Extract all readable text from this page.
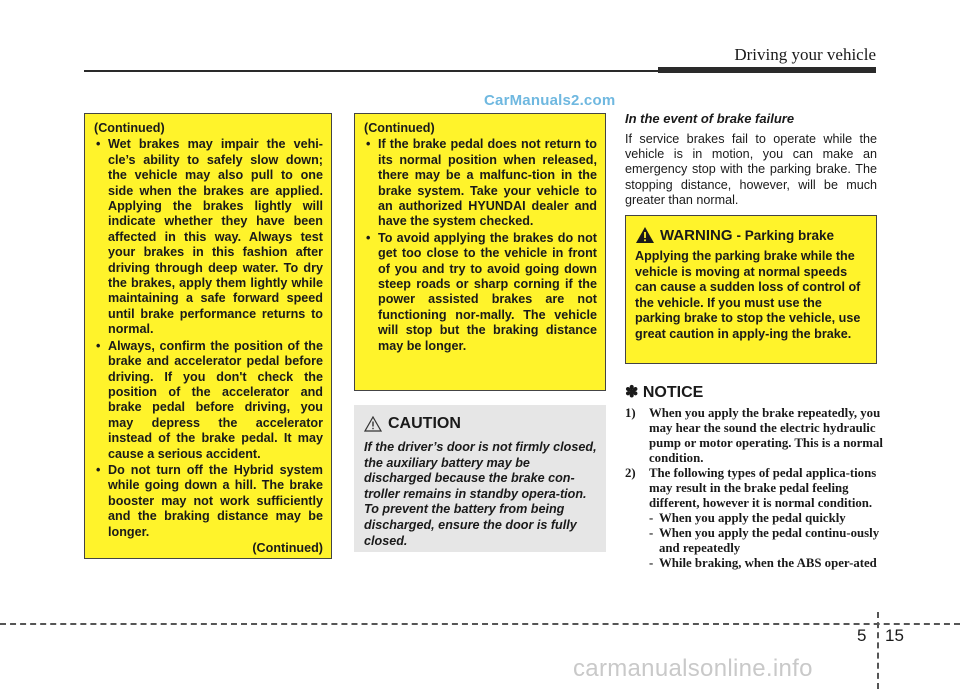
Driving your vehicle
CarManuals2.com
(Continued)
• Wet brakes may impair the vehi-cle’s ability to safely slow down; the vehicle may also pull to one side when the brakes are applied. Applying the brakes lightly will indicate whether they have been affected in this way. Always test your brakes in this fashion after driving through deep water. To dry the brakes, apply them lightly while maintaining a safe forward speed until brake performance returns to normal.
• Always, confirm the position of the brake and accelerator pedal before driving. If you don't check the position of the accelerator and brake pedal before driving, you may depress the accelerator instead of the brake pedal. It may cause a serious accident.
• Do not turn off the Hybrid system while going down a hill. The brake booster may not work sufficiently and the braking distance may be longer.
(Continued)
(Continued)
• If the brake pedal does not return to its normal position when released, there may be a malfunc-tion in the brake system. Take your vehicle to an authorized HYUNDAI dealer and have the system checked.
• To avoid applying the brakes do not get too close to the vehicle in front of you and try to avoid going down steep roads or sharp corning if the power assisted brakes are not functioning nor-mally. The vehicle will stop but the braking distance may be longer.
CAUTION
If the driver’s door is not firmly closed, the auxiliary battery may be discharged because the brake con-troller remains in standby opera-tion. To prevent the battery from being discharged, ensure the door is fully closed.

In the event of brake failure

If service brakes fail to operate while the vehicle is in motion, you can make an emergency stop with the parking brake. The stopping distance, however, will be much greater than normal.

WARNING - Parking brake
Applying the parking brake while the vehicle is moving at normal speeds can cause a sudden loss of control of the vehicle. If you must use the parking brake to stop the vehicle, use great caution in apply-ing the brake.
✽ NOTICE

1) When you apply the brake repeatedly, you may hear the sound the electric hydraulic pump or motor operating. This is a normal condition.

2) The following types of pedal applica-tions may result in the brake pedal feeling different, however it is normal condition.

- When you apply the pedal quickly

- When you apply the pedal continu-ously and repeatedly

- While braking, when the ABS oper-ated

5 15
carmanualsonline.info
